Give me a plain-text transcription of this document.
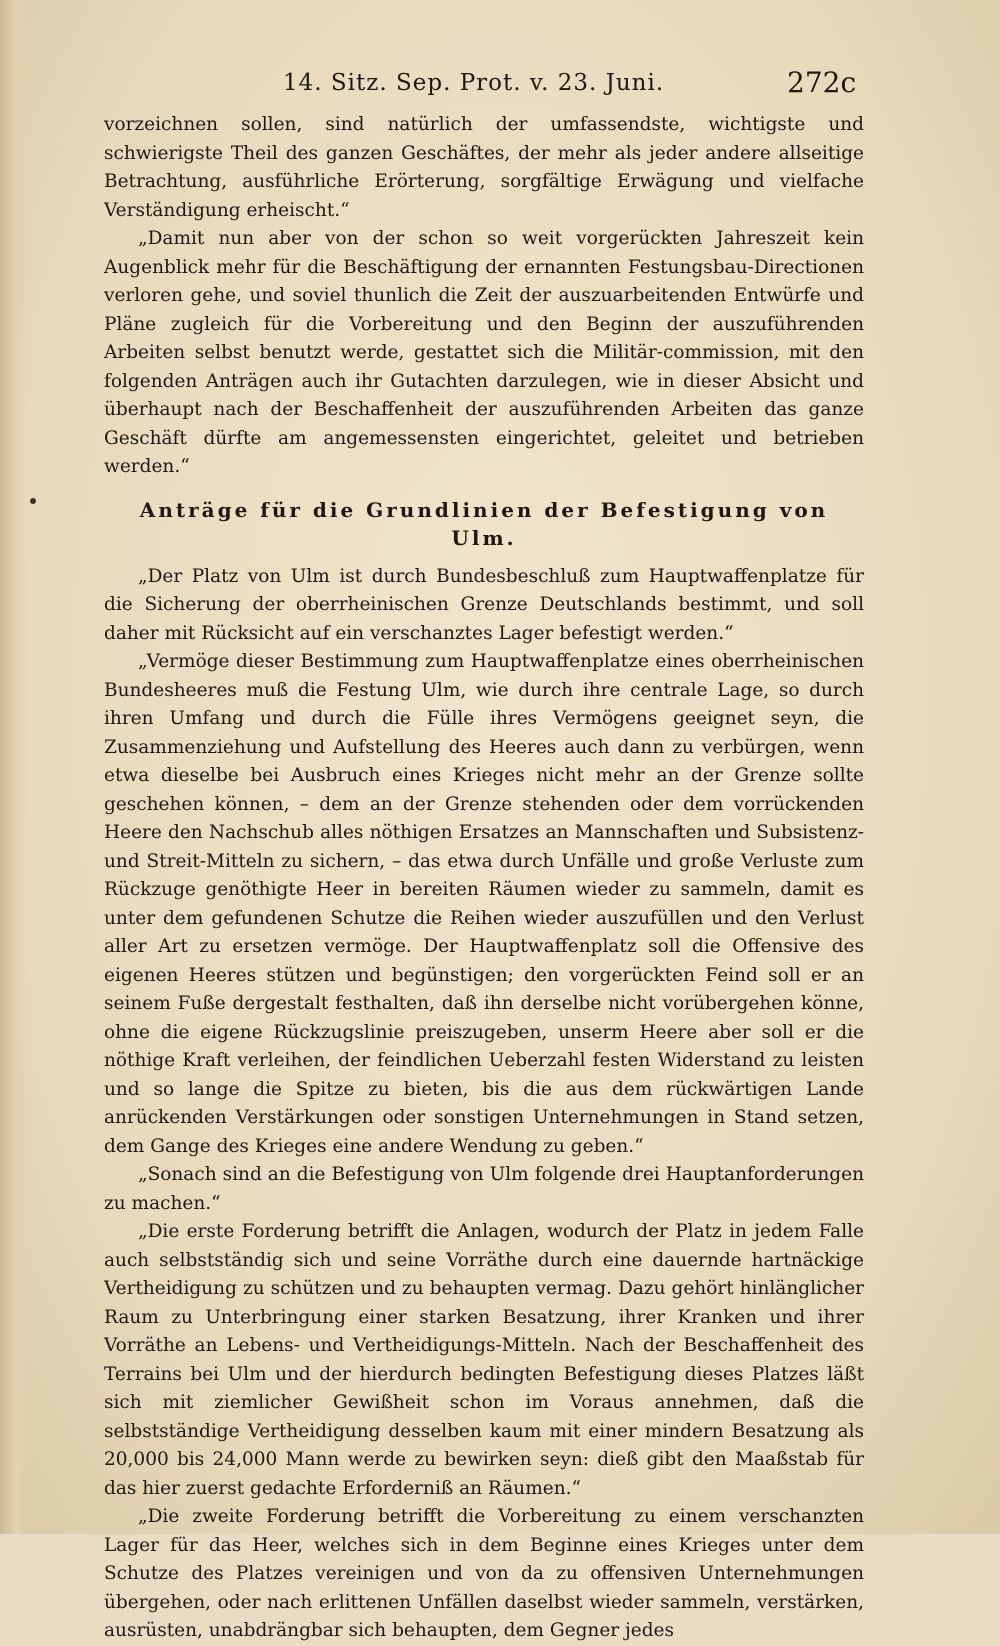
14. Sitz. Sep. Prot. v. 23. Juni.	272c

vorzeichnen sollen, sind natürlich der umfassendste, wichtigste und schwierigste Theil des ganzen Geschäftes, der mehr als jeder andere allseitige Betrachtung, ausführliche Erörterung, sorgfältige Erwägung und vielfache Verständigung erheischt.“

„Damit nun aber von der schon so weit vorgerückten Jahreszeit kein Augenblick mehr für die Beschäftigung der ernannten Festungsbau-Directionen verloren gehe, und soviel thunlich die Zeit der auszuarbeitenden Entwürfe und Pläne zugleich für die Vorbereitung und den Beginn der auszuführenden Arbeiten selbst benutzt werde, gestattet sich die Militär-commission, mit den folgenden Anträgen auch ihr Gutachten darzulegen, wie in dieser Absicht und überhaupt nach der Beschaffenheit der auszuführenden Arbeiten das ganze Geschäft dürfte am angemessensten eingerichtet, geleitet und betrieben werden.“

Anträge für die Grundlinien der Befestigung von Ulm.

„Der Platz von Ulm ist durch Bundesbeschluß zum Hauptwaffenplatze für die Sicherung der oberrheinischen Grenze Deutschlands bestimmt, und soll daher mit Rücksicht auf ein verschanztes Lager befestigt werden.“

„Vermöge dieser Bestimmung zum Hauptwaffenplatze eines oberrheinischen Bundesheeres muß die Festung Ulm, wie durch ihre centrale Lage, so durch ihren Umfang und durch die Fülle ihres Vermögens geeignet seyn, die Zusammenziehung und Aufstellung des Heeres auch dann zu verbürgen, wenn etwa dieselbe bei Ausbruch eines Krieges nicht mehr an der Grenze sollte geschehen können, – dem an der Grenze stehenden oder dem vorrückenden Heere den Nachschub alles nöthigen Ersatzes an Mannschaften und Subsistenz- und Streit-Mitteln zu sichern, – das etwa durch Unfälle und große Verluste zum Rückzuge genöthigte Heer in bereiten Räumen wieder zu sammeln, damit es unter dem gefundenen Schutze die Reihen wieder auszufüllen und den Verlust aller Art zu ersetzen vermöge. Der Hauptwaffenplatz soll die Offensive des eigenen Heeres stützen und begünstigen; den vorgerückten Feind soll er an seinem Fuße dergestalt festhalten, daß ihn derselbe nicht vorübergehen könne, ohne die eigene Rückzugslinie preiszugeben, unserm Heere aber soll er die nöthige Kraft verleihen, der feindlichen Ueberzahl festen Widerstand zu leisten und so lange die Spitze zu bieten, bis die aus dem rückwärtigen Lande anrückenden Verstärkungen oder sonstigen Unternehmungen in Stand setzen, dem Gange des Krieges eine andere Wendung zu geben.“

„Sonach sind an die Befestigung von Ulm folgende drei Hauptanforderungen zu machen.“

„Die erste Forderung betrifft die Anlagen, wodurch der Platz in jedem Falle auch selbstständig sich und seine Vorräthe durch eine dauernde hartnäckige Vertheidigung zu schützen und zu behaupten vermag. Dazu gehört hinlänglicher Raum zu Unterbringung einer starken Besatzung, ihrer Kranken und ihrer Vorräthe an Lebens- und Vertheidigungs-Mitteln. Nach der Beschaffenheit des Terrains bei Ulm und der hierdurch bedingten Befestigung dieses Platzes läßt sich mit ziemlicher Gewißheit schon im Voraus annehmen, daß die selbstständige Vertheidigung desselben kaum mit einer mindern Besatzung als 20,000 bis 24,000 Mann werde zu bewirken seyn: dieß gibt den Maaßstab für das hier zuerst gedachte Erforderniß an Räumen.“

„Die zweite Forderung betrifft die Vorbereitung zu einem verschanzten Lager für das Heer, welches sich in dem Beginne eines Krieges unter dem Schutze des Platzes vereinigen und von da zu offensiven Unternehmungen übergehen, oder nach erlittenen Unfällen daselbst wieder sammeln, verstärken, ausrüsten, unabdrängbar sich behaupten, dem Gegner jedes
